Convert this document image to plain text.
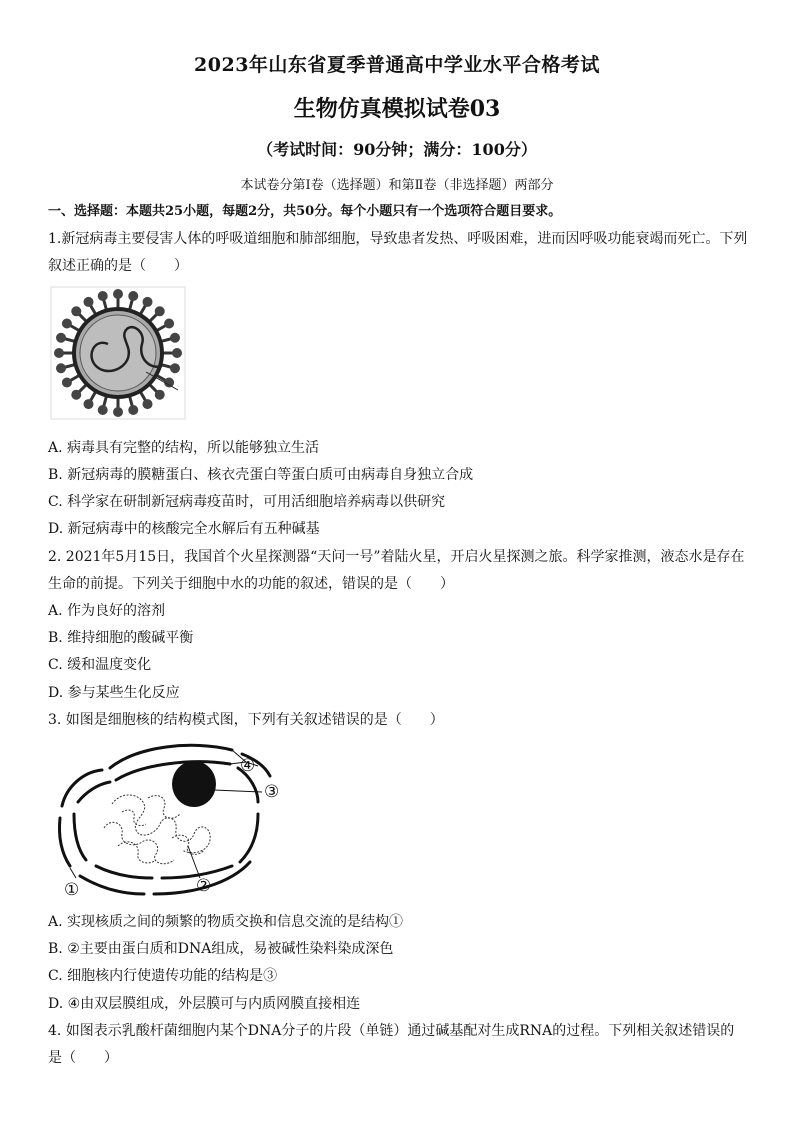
2023年山东省夏季普通高中学业水平合格考试
生物仿真模拟试卷03
（考试时间：90分钟；满分：100分）
本试卷分第Ⅰ卷（选择题）和第Ⅱ卷（非选择题）两部分
一、选择题：本题共25小题，每题2分，共50分。每个小题只有一个选项符合题目要求。
1.新冠病毒主要侵害人体的呼吸道细胞和肺部细胞，导致患者发热、呼吸困难，进而因呼吸功能衰竭而死亡。下列
叙述正确的是（　　）
A. 病毒具有完整的结构，所以能够独立生活
B. 新冠病毒的膜糖蛋白、核衣壳蛋白等蛋白质可由病毒自身独立合成
C. 科学家在研制新冠病毒疫苗时，可用活细胞培养病毒以供研究
D. 新冠病毒中的核酸完全水解后有五种碱基
2. 2021年5月15日，我国首个火星探测器“天问一号”着陆火星，开启火星探测之旅。科学家推测，液态水是存在
生命的前提。下列关于细胞中水的功能的叙述，错误的是（　　）
A. 作为良好的溶剂
B. 维持细胞的酸碱平衡
C. 缓和温度变化
D. 参与某些生化反应
3. 如图是细胞核的结构模式图，下列有关叙述错误的是（　　）
④
③
①	②
A. 实现核质之间的频繁的物质交换和信息交流的是结构①
B. ②主要由蛋白质和DNA组成，易被碱性染料染成深色
C. 细胞核内行使遗传功能的结构是③
D. ④由双层膜组成，外层膜可与内质网膜直接相连
4. 如图表示乳酸杆菌细胞内某个DNA分子的片段（单链）通过碱基配对生成RNA的过程。下列相关叙述错误的
是（　　）
